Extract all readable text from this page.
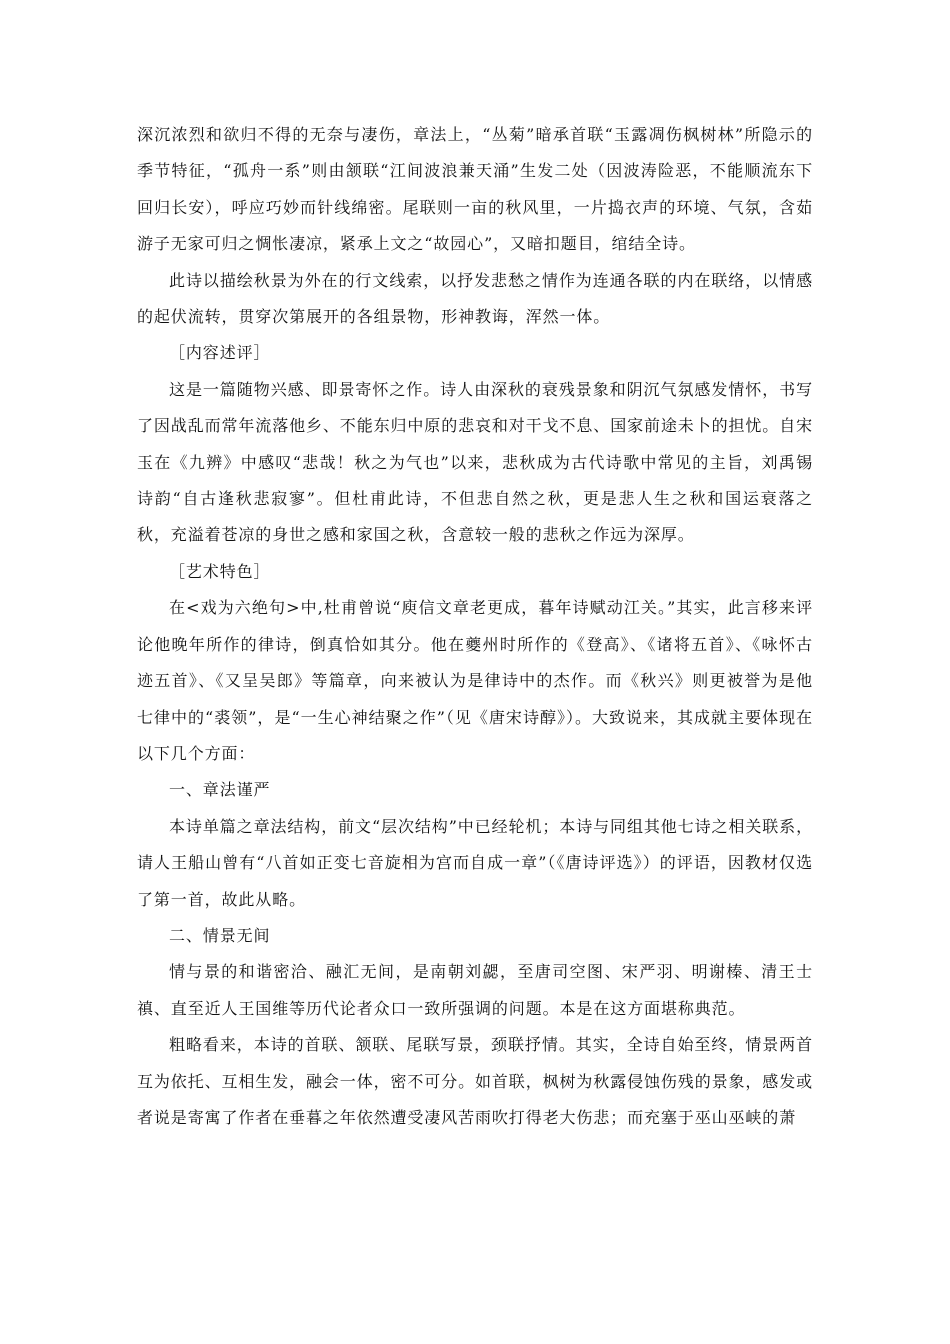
深沉浓烈和欲归不得的无奈与凄伤，章法上，“丛菊”暗承首联“玉露凋伤枫树林”所隐示的季节特征，“孤舟一系”则由颔联“江间波浪兼天涌”生发二处（因波涛险恶，不能顺流东下回归长安），呼应巧妙而针线绵密。尾联则一亩的秋风里，一片捣衣声的环境、气氛，含茹游子无家可归之惆怅凄凉，紧承上文之“故园心”，又暗扣题目，绾结全诗。

此诗以描绘秋景为外在的行文线索，以抒发悲愁之情作为连通各联的内在联络，以情感的起伏流转，贯穿次第展开的各组景物，形神教诲，浑然一体。

［内容述评］

这是一篇随物兴感、即景寄怀之作。诗人由深秋的衰残景象和阴沉气氛感发情怀，书写了因战乱而常年流落他乡、不能东归中原的悲哀和对干戈不息、国家前途未卜的担忧。自宋玉在《九辨》中感叹“悲哉！秋之为气也”以来，悲秋成为古代诗歌中常见的主旨，刘禹锡诗韵“自古逢秋悲寂寥”。但杜甫此诗，不但悲自然之秋，更是悲人生之秋和国运衰落之秋，充溢着苍凉的身世之感和家国之秋，含意较一般的悲秋之作远为深厚。

［艺术特色］

在<戏为六绝句>中,杜甫曾说“庾信文章老更成，暮年诗赋动江关。”其实，此言移来评论他晚年所作的律诗，倒真恰如其分。他在夔州时所作的《登高》、《诸将五首》、《咏怀古迹五首》、《又呈吴郎》等篇章，向来被认为是律诗中的杰作。而《秋兴》则更被誉为是他七律中的“裘领”，是“一生心神结聚之作”（见《唐宋诗醇》）。大致说来，其成就主要体现在以下几个方面：

一、章法谨严

本诗单篇之章法结构，前文“层次结构”中已经轮机；本诗与同组其他七诗之相关联系，请人王船山曾有“八首如正变七音旋相为宫而自成一章”（《唐诗评选》）的评语，因教材仅选了第一首，故此从略。

二、情景无间

情与景的和谐密洽、融汇无间，是南朝刘勰，至唐司空图、宋严羽、明谢榛、清王士禛、直至近人王国维等历代论者众口一致所强调的问题。本是在这方面堪称典范。

粗略看来，本诗的首联、颔联、尾联写景，颈联抒情。其实，全诗自始至终，情景两首互为依托、互相生发，融会一体，密不可分。如首联，枫树为秋露侵蚀伤残的景象，感发或者说是寄寓了作者在垂暮之年依然遭受凄风苦雨吹打得老大伤悲；而充塞于巫山巫峡的萧
